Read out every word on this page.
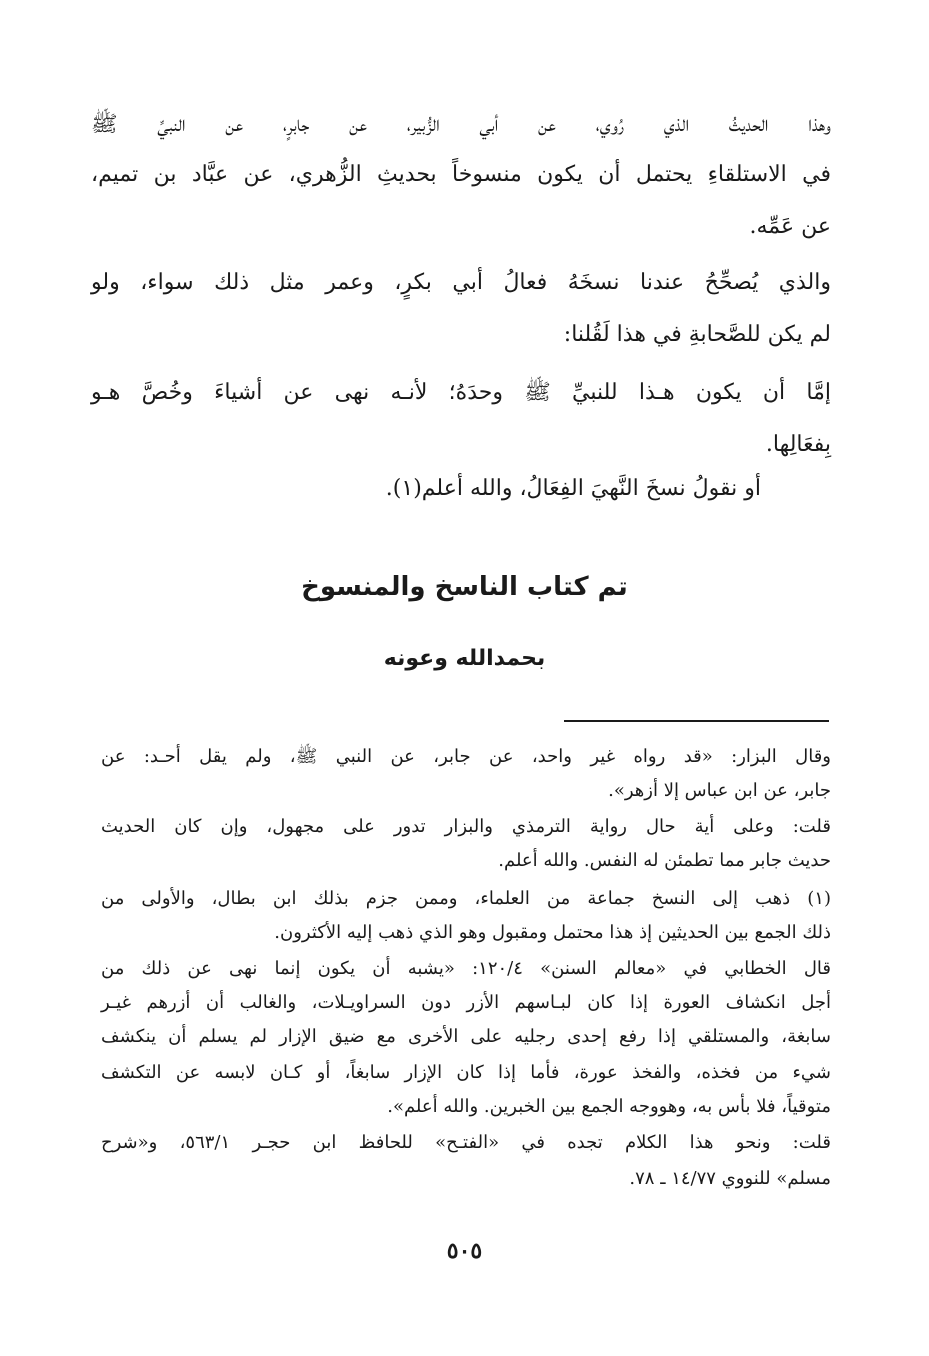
وهذا الحديثُ الذي رُوي، عن أبي الزُّبير، عن جابرٍ، عن النبيِّ ﷺ
في الاستلقاءِ يحتمل أن يكون منسوخاً بحديثِ الزُّهري، عن عبَّاد بن تميم،
عن عَمِّه.
والذي يُصحِّحُ عندنا نسخَهُ فعالُ أبي بكرٍ، وعمر مثل ذلك سواء، ولو
لم يكن للصَّحابةِ في هذا لَقُلنا:
إمَّا أن يكون هـذا للنبيِّ ﷺ وحدَهُ؛ لأنـه نهى عن أشياءَ وخُصَّ هـو
بِفعَالِها.
أو نقولُ نسخَ النَّهيَ الفِعَالُ، والله أعلم(١).
تم كتاب الناسخ والمنسوخ
بحمدالله وعونه
وقال البزار: «قد رواه غير واحد، عن جابر، عن النبي ﷺ، ولم يقل أحـد: عن
جابر، عن ابن عباس إلا أزهر».
قلت: وعلى أية حال رواية الترمذي والبزار تدور على مجهول، وإن كان الحديث
حديث جابر مما تطمئن له النفس. والله أعلم.
(١) ذهب إلى النسخ جماعة من العلماء، وممن جزم بذلك ابن بطال، والأولى من
ذلك الجمع بين الحديثين إذ هذا محتمل ومقبول وهو الذي ذهب إليه الأكثرون.
قال الخطابي في «معالم السنن» ١٢٠/٤: «يشبه أن يكون إنما نهى عن ذلك من
أجل انكشاف العورة إذا كان لبـاسهم الأزر دون السراويـلات، والغالب أن أزرهم غيـر
سابغة، والمستلقي إذا رفع إحدى رجليه على الأخرى مع ضيق الإزار لم يسلم أن ينكشف
شيء من فخذه، والفخذ عورة، فأما إذا كان الإزار سابغاً، أو كـان لابسه عن التكشف
متوقياً، فلا بأس به، وهووجه الجمع بين الخبرين. والله أعلم».
قلت: ونحو هذا الكلام تجده في «الفتـح» للحافظ ابن حجـر ٥٦٣/١، و«شرح
مسلم» للنووي ١٤/٧٧ ـ ٧٨.
٥٠٥
